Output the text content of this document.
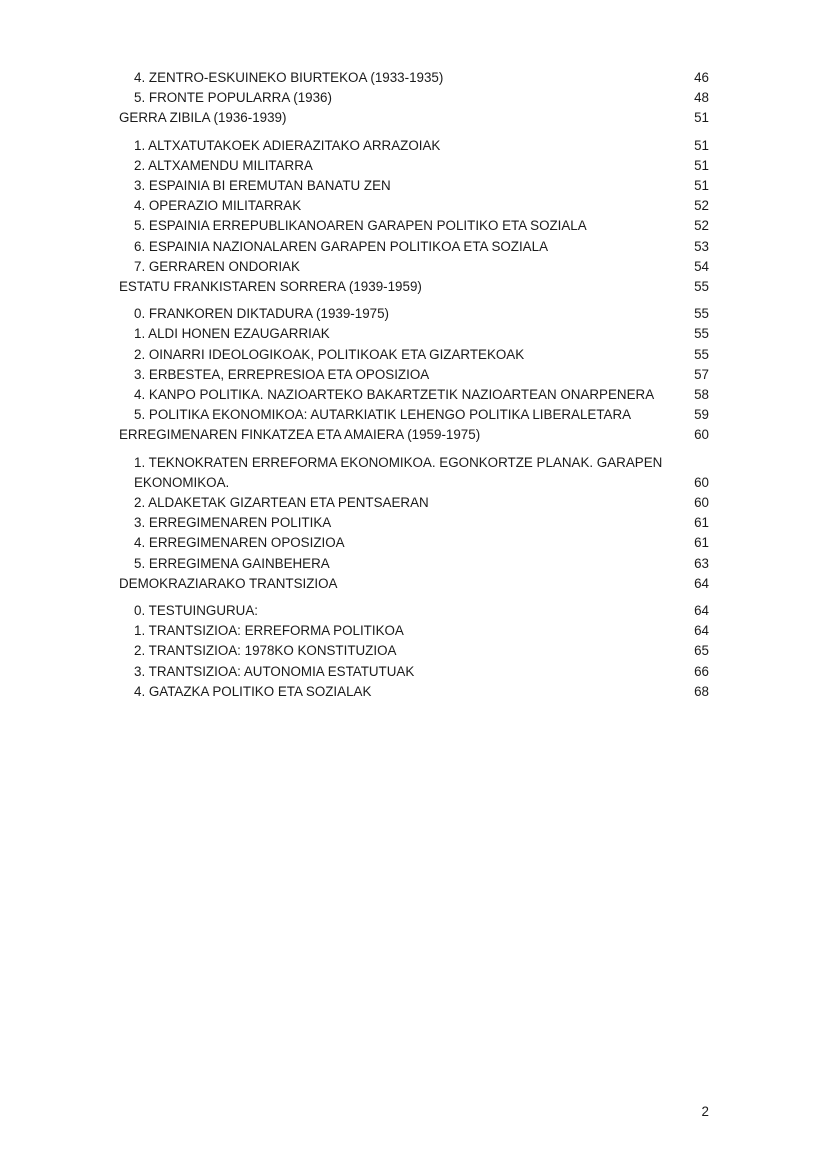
4. ZENTRO-ESKUINEKO BIURTEKOA (1933-1935)	46
5. FRONTE POPULARRA (1936)	48
GERRA ZIBILA (1936-1939)	51
1. ALTXATUTAKOEK ADIERAZITAKO ARRAZOIAK	51
2. ALTXAMENDU MILITARRA	51
3. ESPAINIA BI EREMUTAN BANATU ZEN	51
4. OPERAZIO MILITARRAK	52
5. ESPAINIA ERREPUBLIKANOAREN GARAPEN POLITIKO ETA SOZIALA	52
6. ESPAINIA NAZIONALAREN GARAPEN POLITIKOA ETA SOZIALA	53
7. GERRAREN ONDORIAK	54
ESTATU FRANKISTAREN SORRERA (1939-1959)	55
0. FRANKOREN DIKTADURA (1939-1975)	55
1. ALDI HONEN EZAUGARRIAK	55
2. OINARRI IDEOLOGIKOAK, POLITIKOAK ETA GIZARTEKOAK	55
3. ERBESTEA, ERREPRESIOA ETA OPOSIZIOA	57
4. KANPO POLITIKA. NAZIOARTEKO BAKARTZETIK NAZIOARTEAN ONARPENERA	58
5. POLITIKA EKONOMIKOA: AUTARKIATIK LEHENGO POLITIKA LIBERALETARA	59
ERREGIMENAREN FINKATZEA ETA AMAIERA (1959-1975)	60
1. TEKNOKRATEN ERREFORMA EKONOMIKOA. EGONKORTZE PLANAK. GARAPEN
EKONOMIKOA.	60
2. ALDAKETAK GIZARTEAN ETA PENTSAERAN	60
3. ERREGIMENAREN POLITIKA	61
4. ERREGIMENAREN OPOSIZIOA	61
5. ERREGIMENA GAINBEHERA	63
DEMOKRAZIARAKO TRANTSIZIOA	64
0. TESTUINGURUA:	64
1. TRANTSIZIOA: ERREFORMA POLITIKOA	64
2. TRANTSIZIOA: 1978KO KONSTITUZIOA	65
3. TRANTSIZIOA: AUTONOMIA ESTATUTUAK	66
4. GATAZKA POLITIKO ETA SOZIALAK	68
2
